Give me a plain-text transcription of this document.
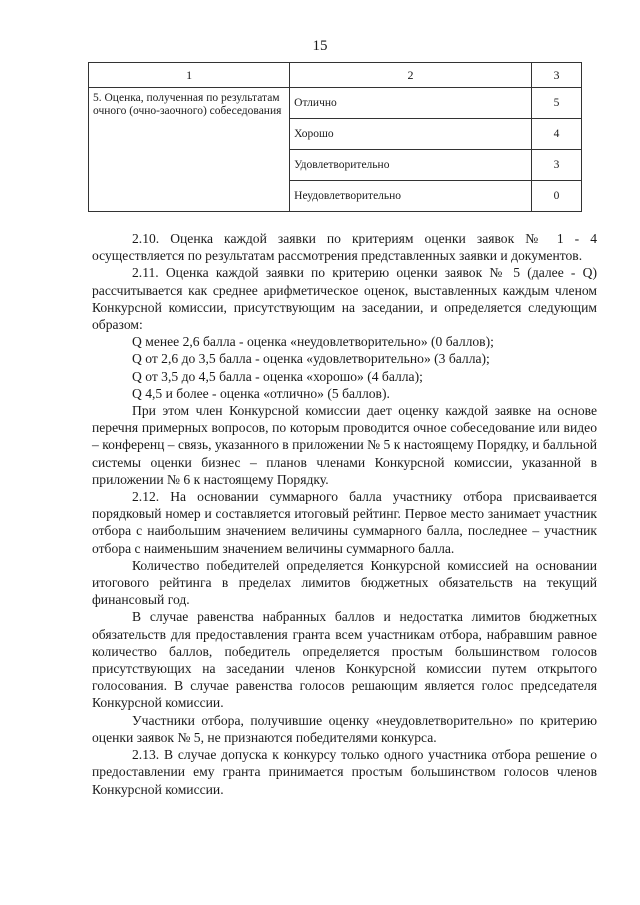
15
1	2	3
5. Оценка, полученная по результатам очного (очно-заочного) собеседования	Отлично	5
	Хорошо	4
	Удовлетворительно	3
	Неудовлетворительно	0

2.10. Оценка каждой заявки по критериям оценки заявок № 1 - 4 осуществляется по результатам рассмотрения представленных заявки и документов.

2.11. Оценка каждой заявки по критерию оценки заявок № 5 (далее - Q) рассчитывается как среднее арифметическое оценок, выставленных каждым членом Конкурсной комиссии, присутствующим на заседании, и определяется следующим образом:

Q менее 2,6 балла - оценка «неудовлетворительно» (0 баллов);

Q от 2,6 до 3,5 балла - оценка «удовлетворительно» (3 балла);

Q от 3,5 до 4,5 балла - оценка «хорошо» (4 балла);

Q 4,5 и более - оценка «отлично» (5 баллов).

При этом член Конкурсной комиссии дает оценку каждой заявке на основе перечня примерных вопросов, по которым проводится очное собеседование или видео – конференц – связь, указанного в приложении № 5 к настоящему Порядку, и балльной системы оценки бизнес – планов членами Конкурсной комиссии, указанной в приложении № 6 к настоящему Порядку.

2.12. На основании суммарного балла участнику отбора присваивается порядковый номер и составляется итоговый рейтинг. Первое место занимает участник отбора с наибольшим значением величины суммарного балла, последнее – участник отбора с наименьшим значением величины суммарного балла.

Количество победителей определяется Конкурсной комиссией на основании итогового рейтинга в пределах лимитов бюджетных обязательств на текущий финансовый год.

В случае равенства набранных баллов и недостатка лимитов бюджетных обязательств для предоставления гранта всем участникам отбора, набравшим равное количество баллов, победитель определяется простым большинством голосов присутствующих на заседании членов Конкурсной комиссии путем открытого голосования. В случае равенства голосов решающим является голос председателя Конкурсной комиссии.

Участники отбора, получившие оценку «неудовлетворительно» по критерию оценки заявок № 5, не признаются победителями конкурса.

2.13. В случае допуска к конкурсу только одного участника отбора решение о предоставлении ему гранта принимается простым большинством голосов членов Конкурсной комиссии.
